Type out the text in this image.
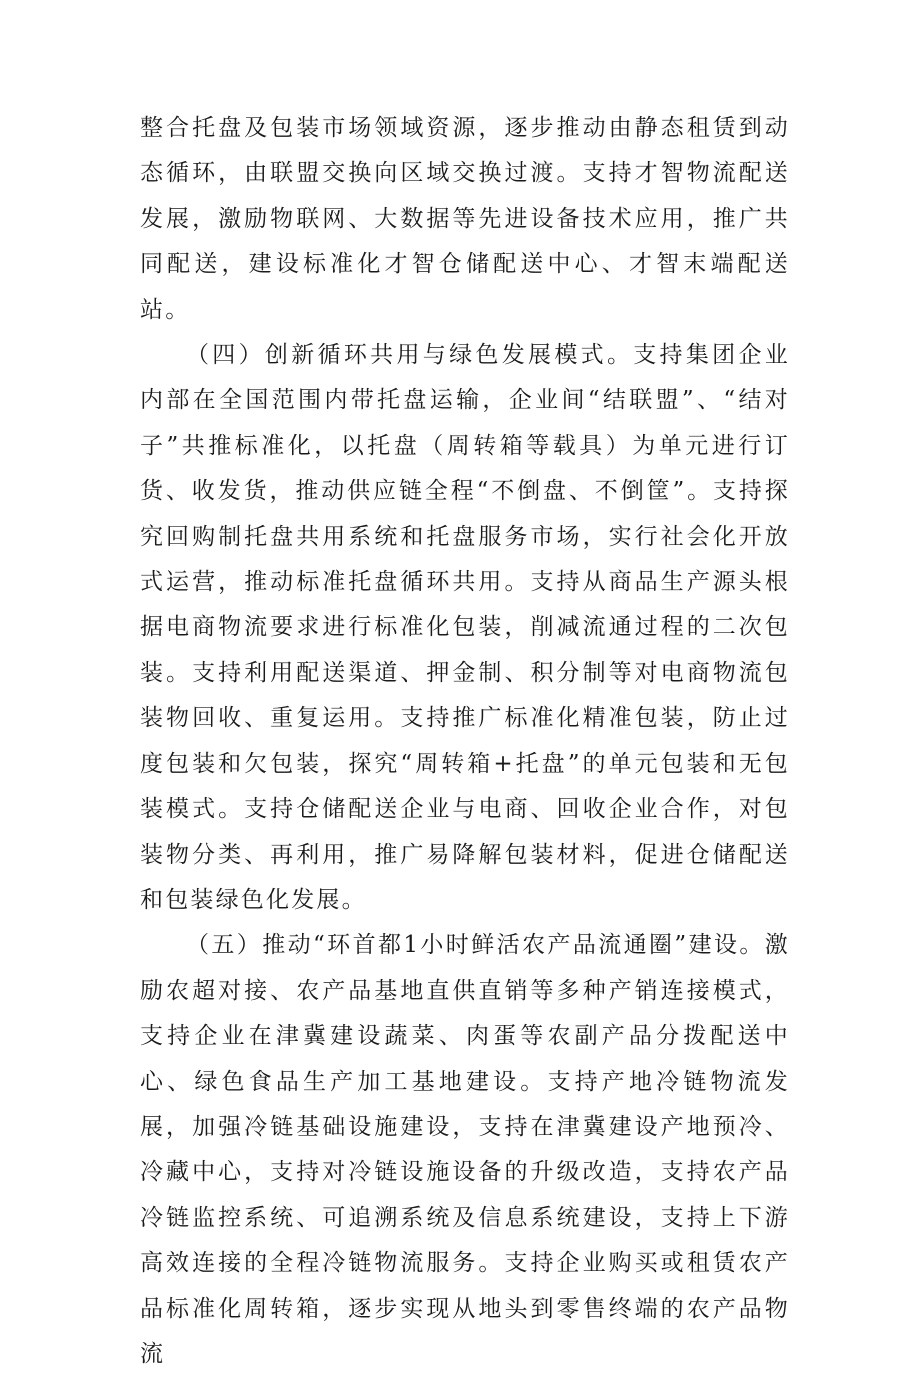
整合托盘及包装市场领域资源，逐步推动由静态租赁到动态循环，由联盟交换向区域交换过渡。支持才智物流配送发展，激励物联网、大数据等先进设备技术应用，推广共同配送，建设标准化才智仓储配送中心、才智末端配送站。

（四）创新循环共用与绿色发展模式。支持集团企业内部在全国范围内带托盘运输，企业间“结联盟”、“结对子”共推标准化，以托盘（周转箱等载具）为单元进行订货、收发货，推动供应链全程“不倒盘、不倒筐”。支持探究回购制托盘共用系统和托盘服务市场，实行社会化开放式运营，推动标准托盘循环共用。支持从商品生产源头根据电商物流要求进行标准化包装，削减流通过程的二次包装。支持利用配送渠道、押金制、积分制等对电商物流包装物回收、重复运用。支持推广标准化精准包装，防止过度包装和欠包装，探究“周转箱+托盘”的单元包装和无包装模式。支持仓储配送企业与电商、回收企业合作，对包装物分类、再利用，推广易降解包装材料，促进仓储配送和包装绿色化发展。

（五）推动“环首都1小时鲜活农产品流通圈”建设。激励农超对接、农产品基地直供直销等多种产销连接模式，支持企业在津冀建设蔬菜、肉蛋等农副产品分拨配送中心、绿色食品生产加工基地建设。支持产地冷链物流发展，加强冷链基础设施建设，支持在津冀建设产地预冷、冷藏中心，支持对冷链设施设备的升级改造，支持农产品冷链监控系统、可追溯系统及信息系统建设，支持上下游高效连接的全程冷链物流服务。支持企业购买或租赁农产品标准化周转箱，逐步实现从地头到零售终端的农产品物流
